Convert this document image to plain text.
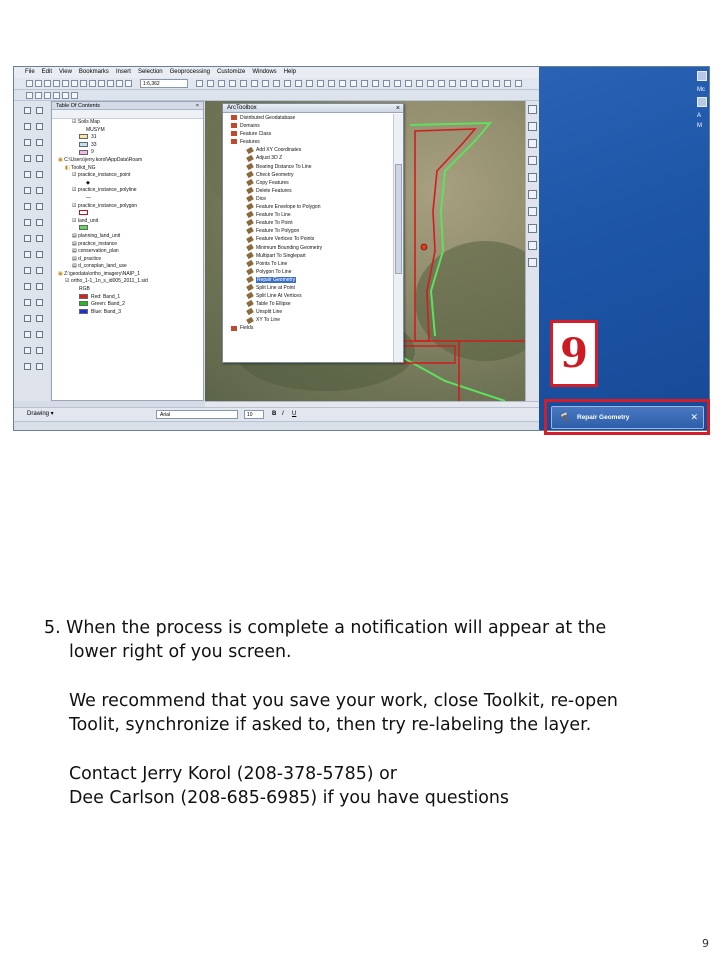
File Edit View Bookmarks Insert Selection Geoprocessing Customize Windows Help
1:6,362
Table Of Contents	×
☑ Soils Map
MUSYM
31
33
9
▣ C:\Users\jerry.korol\AppData\Roam
◧ Toolkit_NG
☑ practice_instance_point
◆
☑ practice_instance_polyline
—
☑ practice_instance_polygon
☑ land_unit
▤ planning_land_unit
▤ practice_instance
▤ conservation_plan
▤ d_practice
▤ d_consplan_land_use
▣ Z:\geodata\ortho_imagery\NAIP_1
☑ ortho_1-1_1n_s_id005_2011_1.sid
RGB
Red: Band_1
Green: Band_2
Blue: Band_3
ArcToolbox	×
Distributed Geodatabase
Domains
Feature Class
Features
Add XY Coordinates
Adjust 3D Z
Bearing Distance To Line
Check Geometry
Copy Features
Delete Features
Dice
Feature Envelope to Polygon
Feature To Line
Feature To Point
Feature To Polygon
Feature Vertices To Points
Minimum Bounding Geometry
Multipart To Singlepart
Points To Line
Polygon To Line
Repair Geometry
Split Line at Point
Split Line At Vertices
Table To Ellipse
Unsplit Line
XY To Line
Fields
Drawing ▾	Arial	10	B I U
Mc
A
M
9
Repair Geometry	✕

5. When the process is complete a notification will appear at the

lower right of you screen.

We recommend that you save your work, close Toolkit, re-open

Toolit, synchronize if asked to, then try re-labeling the layer.

Contact Jerry Korol (208-378-5785) or

Dee Carlson (208-685-6985) if you have questions

9
